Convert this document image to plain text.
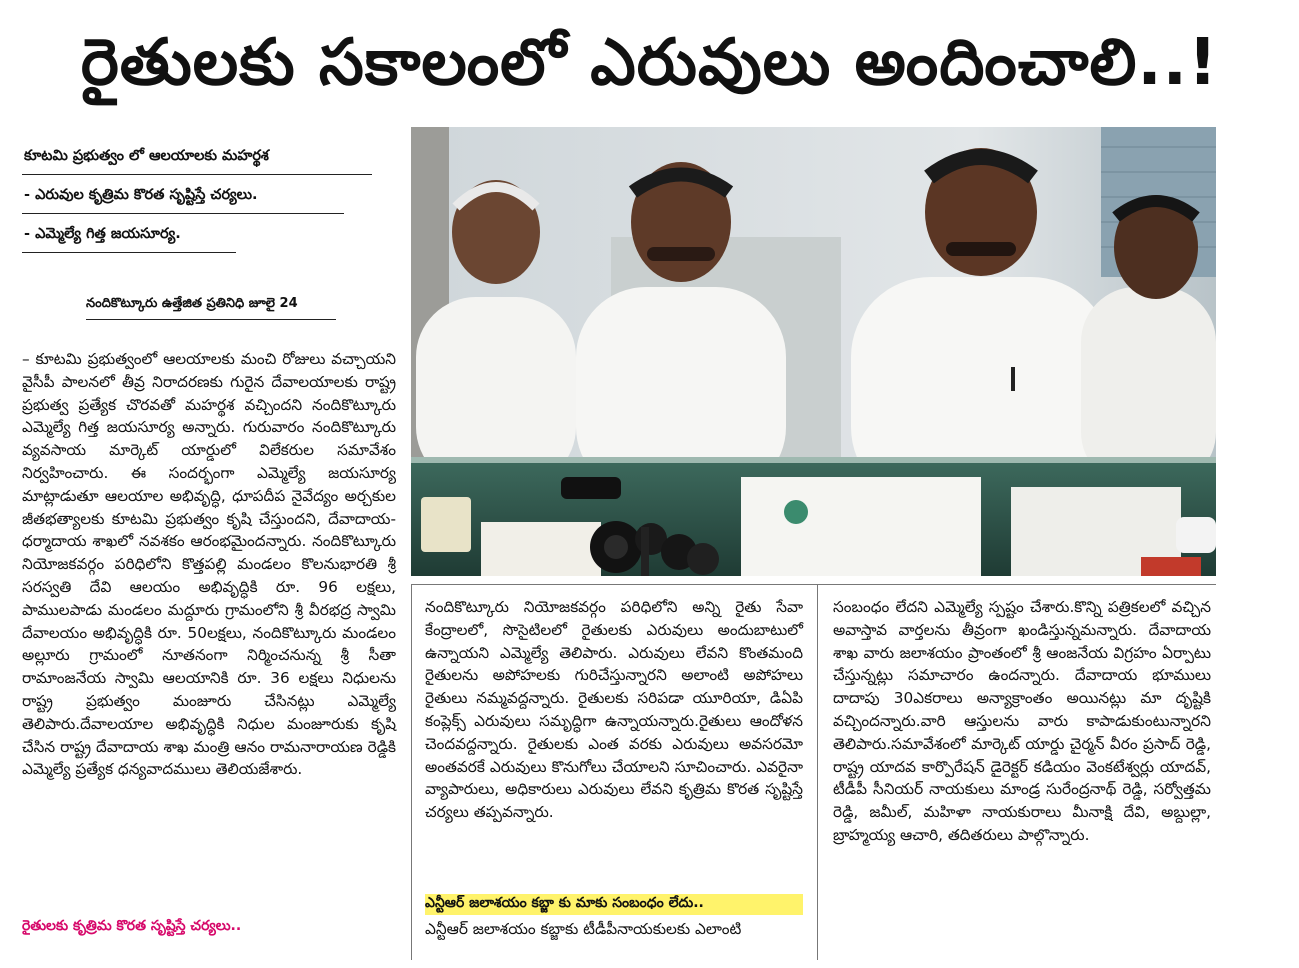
రైతులకు సకాలంలో ఎరువులు అందించాలి..!
కూటమి ప్రభుత్వం లో ఆలయాలకు మహర్థశ
- ఎరువుల కృత్రిమ కొరత సృష్టిస్తే చర్యలు.
- ఎమ్మెల్యే గిత్త జయసూర్య.
నందికొట్కూరు ఉత్తేజిత ప్రతినిధి జూలై 24

– కూటమి ప్రభుత్వంలో ఆలయాలకు మంచి రోజులు వచ్చాయని వైసీపీ పాలనలో తీవ్ర నిరాదరణకు గురైన దేవాలయాలకు రాష్ట్ర ప్రభుత్వ ప్రత్యేక చొరవతో మహర్థశ వచ్చిందని నందికొట్కూరు ఎమ్మెల్యే గిత్త జయసూర్య అన్నారు. గురువారం నందికొట్కూరు వ్యవసాయ మార్కెట్ యార్డులో విలేకరుల సమావేశం నిర్వహించారు. ఈ సందర్భంగా ఎమ్మెల్యే జయసూర్య మాట్లాడుతూ ఆలయాల అభివృద్ధి, ధూపదీప నైవేద్యం అర్చకుల జీతభత్యాలకు కూటమి ప్రభుత్వం కృషి చేస్తుందని, దేవాదాయ-ధర్మాదాయ శాఖలో నవశకం ఆరంభమైందన్నారు. నందికొట్కూరు నియోజకవర్గం పరిధిలోని కొత్తపల్లి మండలం కొలనుభారతి శ్రీ సరస్వతి దేవి ఆలయం అభివృద్ధికి రూ. 96 లక్షలు, పాములపాడు మండలం మద్దూరు గ్రామంలోని శ్రీ వీరభద్ర స్వామి దేవాలయం అభివృద్ధికి రూ. 50లక్షలు, నందికొట్కూరు మండలం అల్లూరు గ్రామంలో నూతనంగా నిర్మించనున్న శ్రీ సీతా రామాంజనేయ స్వామి ఆలయానికి రూ. 36 లక్షలు నిధులను రాష్ట్ర ప్రభుత్వం మంజూరు చేసినట్లు ఎమ్మెల్యే తెలిపారు.దేవాలయాల అభివృద్ధికి నిధుల మంజూరుకు కృషి చేసిన రాష్ట్ర దేవాదాయ శాఖ మంత్రి ఆనం రామనారాయణ రెడ్డికి ఎమ్మెల్యే ప్రత్యేక ధన్యవాదములు తెలియజేశారు.

రైతులకు కృత్రిమ కొరత సృష్టిస్తే చర్యలు..

నందికొట్కూరు నియోజకవర్గం పరిధిలోని అన్ని రైతు సేవా కేంద్రాలలో, సొసైటిలలో రైతులకు ఎరువులు అందుబాటులో ఉన్నాయని ఎమ్మెల్యే తెలిపారు. ఎరువులు లేవని కొంతమంది రైతులను అపోహలకు గురిచేస్తున్నారని అలాంటి అపోహలు రైతులు నమ్మవద్దన్నారు. రైతులకు సరిపడా యూరియా, డిఏపి కంప్లెక్స్ ఎరువులు సమృద్ధిగా ఉన్నాయన్నారు.రైతులు ఆందోళన చెందవద్దన్నారు. రైతులకు ఎంత వరకు ఎరువులు అవసరమో అంతవరకే ఎరువులు కొనుగోలు చేయాలని సూచించారు. ఎవరైనా వ్యాపారులు, అధికారులు ఎరువులు లేవని కృత్రిమ కొరత సృష్టిస్తే చర్యలు తప్పవన్నారు.

ఎన్టీఆర్ జలాశయం కబ్జా కు మాకు సంబంధం లేదు..
ఎన్టీఆర్ జలాశయం కబ్జాకు టీడీపీనాయకులకు ఎలాంటి

సంబంధం లేదని ఎమ్మెల్యే స్పష్టం చేశారు.కొన్ని పత్రికలలో వచ్చిన అవాస్తావ వార్తలను తీవ్రంగా ఖండిస్తున్నమన్నారు. దేవాదాయ శాఖ వారు జలాశయం ప్రాంతంలో శ్రీ ఆంజనేయ విగ్రహం ఏర్పాటు చేస్తున్నట్లు సమాచారం ఉందన్నారు. దేవాదాయ భూములు దాదాపు 30ఎకరాలు అన్యాక్రాంతం అయినట్లు మా దృష్టికి వచ్చిందన్నారు.వారి ఆస్తులను వారు కాపాడుకుంటున్నారని తెలిపారు.సమావేశంలో మార్కెట్ యార్డు చైర్మన్ వీరం ప్రసాద్ రెడ్డి, రాష్ట్ర యాదవ కార్పొరేషన్ డైరెక్టర్ కడియం వెంకటేశ్వర్లు యాదవ్, టీడీపీ సీనియర్ నాయకులు మాండ్ర సురేంద్రనాథ్ రెడ్డి, సర్వోత్తమ రెడ్డి, జమీల్, మహిళా నాయకురాలు మీనాక్షి దేవి, అబ్దుల్లా, బ్రాహ్మయ్య ఆచారి, తదితరులు పాల్గొన్నారు.
